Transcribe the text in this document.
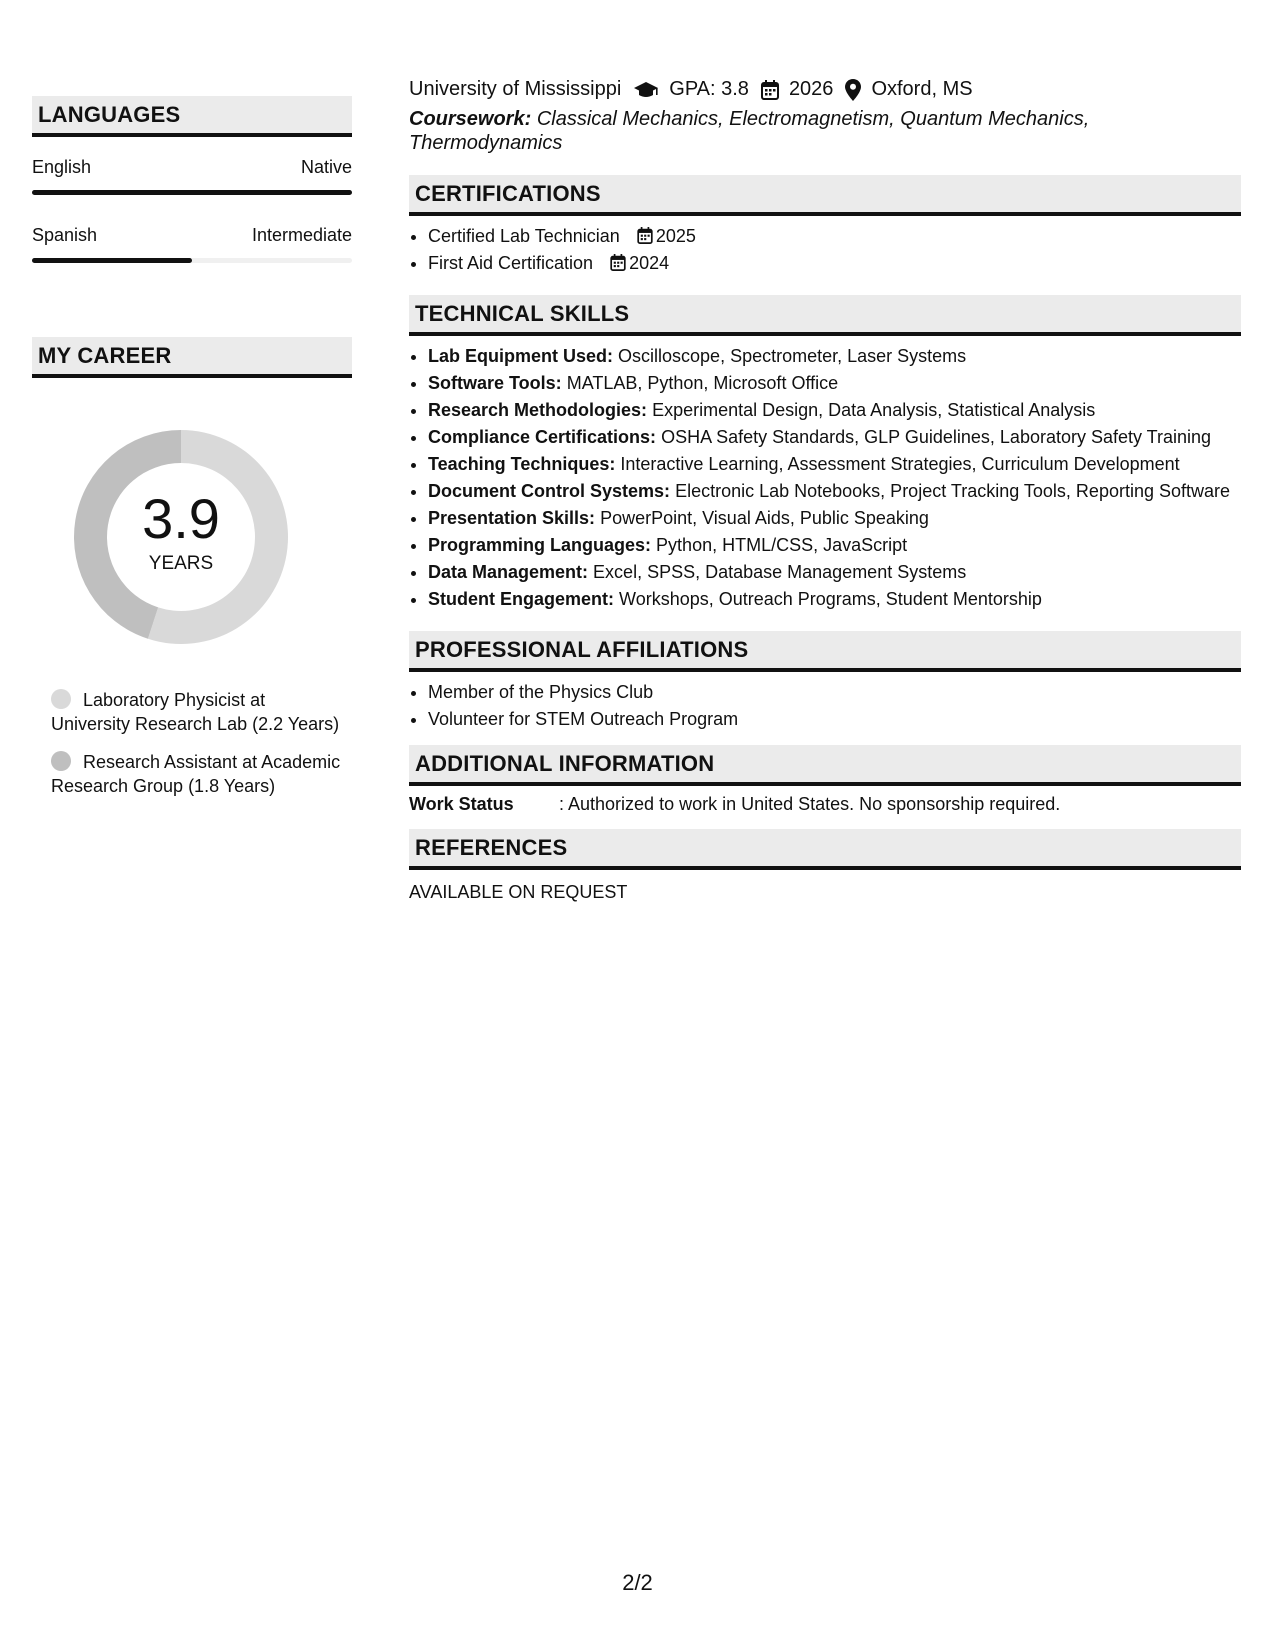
LANGUAGES
English	Native
Spanish	Intermediate
MY CAREER
3.9
YEARS
Laboratory Physicist at University Research Lab (2.2 Years)
Research Assistant at Academic Research Group (1.8 Years)
University of Mississippi GPA: 3.8 2026 Oxford, MS
Coursework: Classical Mechanics, Electromagnetism, Quantum Mechanics, Thermodynamics
CERTIFICATIONS
• Certified Lab Technician 2025
• First Aid Certification 2024
TECHNICAL SKILLS
• Lab Equipment Used: Oscilloscope, Spectrometer, Laser Systems
• Software Tools: MATLAB, Python, Microsoft Office
• Research Methodologies: Experimental Design, Data Analysis, Statistical Analysis
• Compliance Certifications: OSHA Safety Standards, GLP Guidelines, Laboratory Safety Training
• Teaching Techniques: Interactive Learning, Assessment Strategies, Curriculum Development
• Document Control Systems: Electronic Lab Notebooks, Project Tracking Tools, Reporting Software
• Presentation Skills: PowerPoint, Visual Aids, Public Speaking
• Programming Languages: Python, HTML/CSS, JavaScript
• Data Management: Excel, SPSS, Database Management Systems
• Student Engagement: Workshops, Outreach Programs, Student Mentorship
PROFESSIONAL AFFILIATIONS
• Member of the Physics Club
• Volunteer for STEM Outreach Program
ADDITIONAL INFORMATION
Work Status	: Authorized to work in United States. No sponsorship required.
REFERENCES
AVAILABLE ON REQUEST
2/2
